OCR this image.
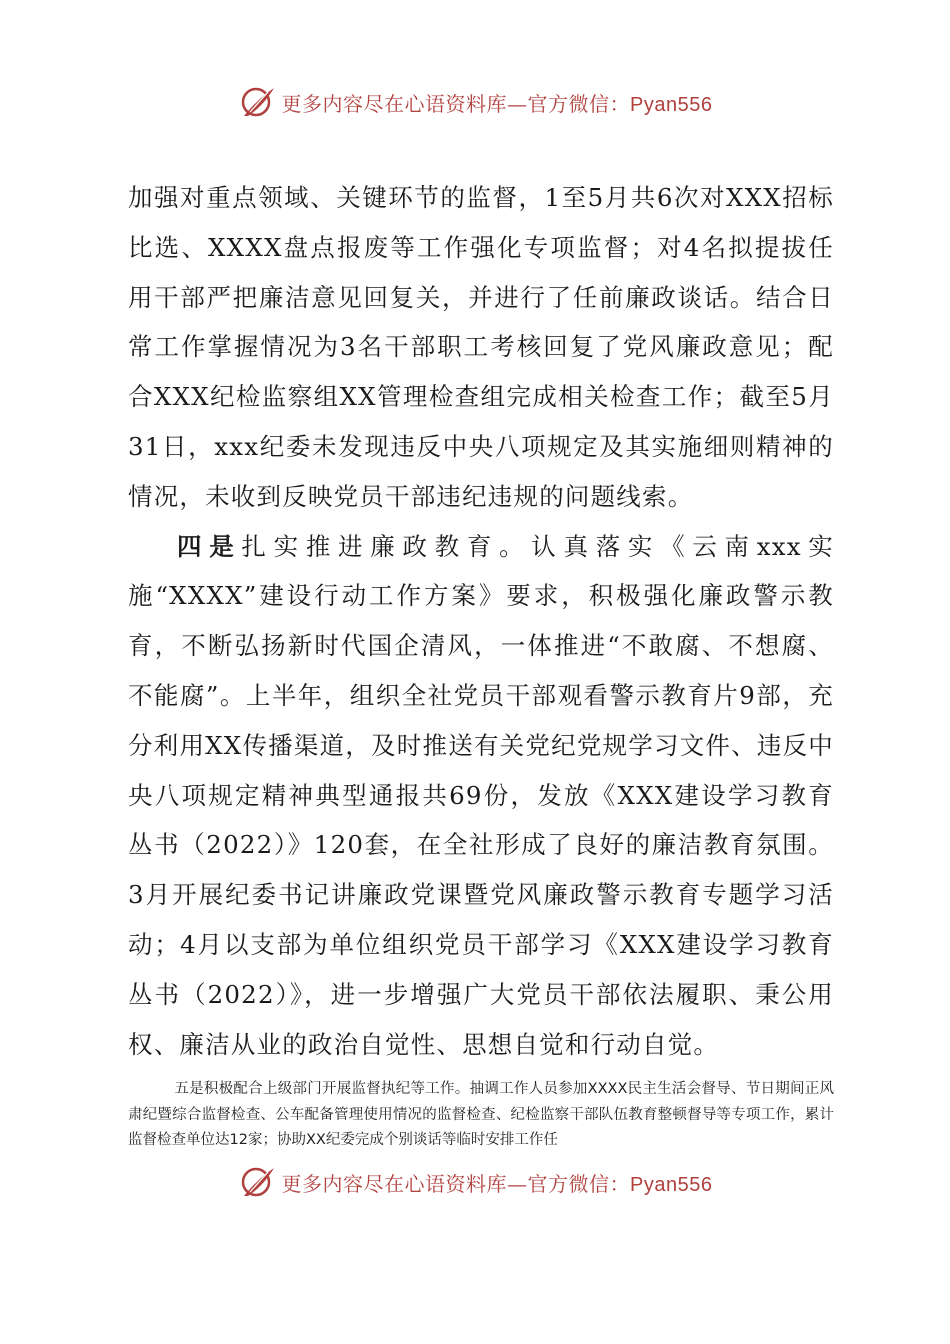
更多内容尽在心语资料库—官方微信：Pyan556

加强对重点领域、关键环节的监督，1至5月共6次对XXX招标比选、XXXX盘点报废等工作强化专项监督；对4名拟提拔任用干部严把廉洁意见回复关，并进行了任前廉政谈话。结合日常工作掌握情况为3名干部职工考核回复了党风廉政意见；配合XXX纪检监察组XX管理检查组完成相关检查工作；截至5月31日，xxx纪委未发现违反中央八项规定及其实施细则精神的情况，未收到反映党员干部违纪违规的问题线索。

四是扎实推进廉政教育。认真落实《云南xxx实施“XXXX”建设行动工作方案》要求，积极强化廉政警示教育，不断弘扬新时代国企清风，一体推进“不敢腐、不想腐、不能腐”。上半年，组织全社党员干部观看警示教育片9部，充分利用XX传播渠道，及时推送有关党纪党规学习文件、违反中央八项规定精神典型通报共69份，发放《XXX建设学习教育丛书（2022）》120套，在全社形成了良好的廉洁教育氛围。3月开展纪委书记讲廉政党课暨党风廉政警示教育专题学习活动；4月以支部为单位组织党员干部学习《XXX建设学习教育丛书（2022）》，进一步增强广大党员干部依法履职、秉公用权、廉洁从业的政治自觉性、思想自觉和行动自觉。

五是积极配合上级部门开展监督执纪等工作。抽调工作人员参加XXXX民主生活会督导、节日期间正风肃纪暨综合监督检查、公车配备管理使用情况的监督检查、纪检监察干部队伍教育整顿督导等专项工作，累计监督检查单位达12家；协助XX纪委完成个别谈话等临时安排工作任

更多内容尽在心语资料库—官方微信：Pyan556
